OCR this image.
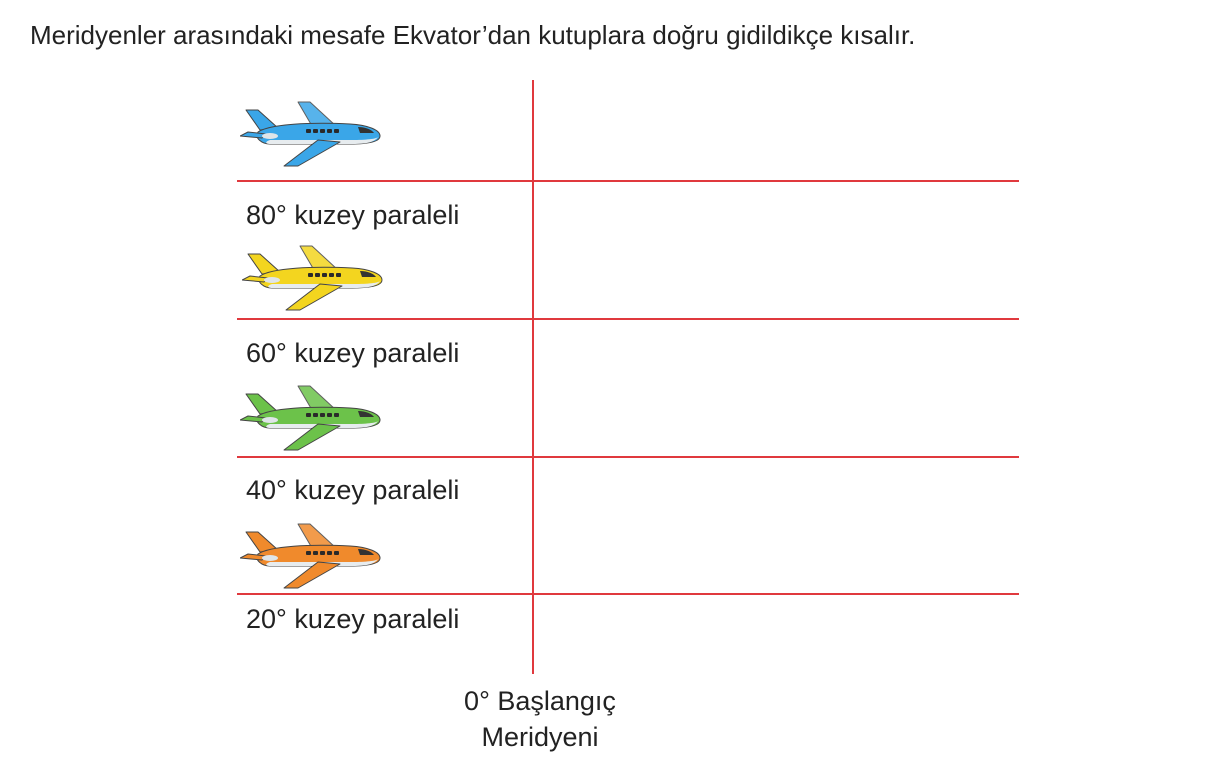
Meridyenler arasındaki mesafe Ekvator’dan kutuplara doğru gidildikçe kısalır.
80° kuzey paraleli
60° kuzey paraleli
40° kuzey paraleli
20° kuzey paraleli
0° Başlangıç
Meridyeni
